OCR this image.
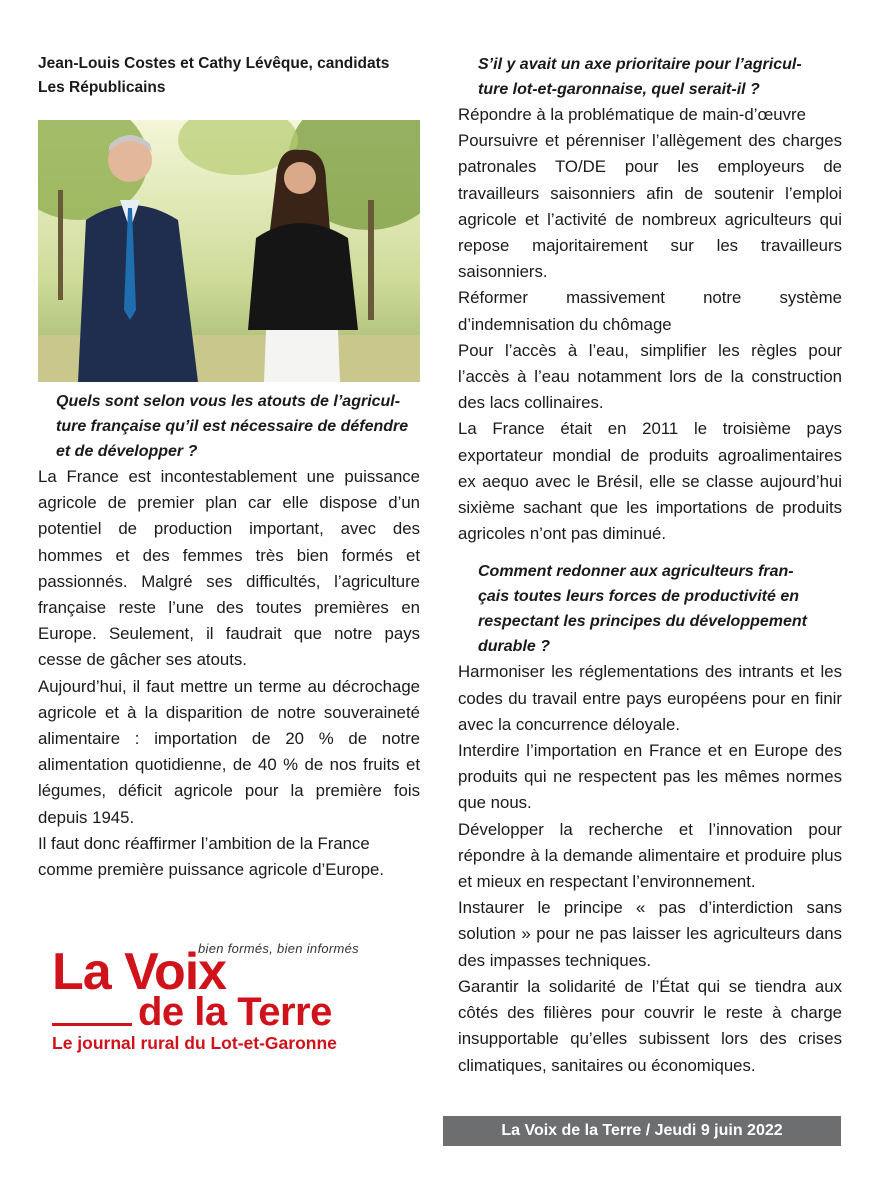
Jean-Louis Costes et Cathy Lévêque, candidats

Les Républicains

Quels sont selon vous les atouts de l’agricul-

ture française qu’il est nécessaire de défendre

et de développer ?

La France est incontestablement une puissance agricole de premier plan car elle dispose d’un potentiel de production important, avec des hommes et des femmes très bien formés et passionnés. Malgré ses difficultés, l’agriculture française reste l’une des toutes premières en Europe. Seulement, il faudrait que notre pays cesse de gâcher ses atouts.

Aujourd’hui, il faut mettre un terme au décrochage agricole et à la disparition de notre souveraineté alimentaire : importation de 20 % de notre alimentation quotidienne, de 40 % de nos fruits et légumes, déficit agricole pour la première fois depuis 1945.

Il faut donc réaffirmer l’ambition de la France comme première puissance agricole d’Europe.

bien formés, bien informés
La Voix
de la Terre
Le journal rural du Lot-et-Garonne

S’il y avait un axe prioritaire pour l’agricul-

ture lot-et-garonnaise, quel serait-il ?

Répondre à la problématique de main-d’œuvre

Poursuivre et pérenniser l’allègement des charges patronales TO/DE pour les employeurs de travailleurs saisonniers afin de soutenir l’emploi agricole et l’activité de nombreux agriculteurs qui repose majoritairement sur les travailleurs saisonniers.

Réformer massivement notre système d’indemnisation du chômage

Pour l’accès à l’eau, simplifier les règles pour l’accès à l’eau notamment lors de la construction des lacs collinaires.

La France était en 2011 le troisième pays exportateur mondial de produits agroalimentaires ex aequo avec le Brésil, elle se classe aujourd’hui sixième sachant que les importations de produits agricoles n’ont pas diminué.

Comment redonner aux agriculteurs fran-

çais toutes leurs forces de productivité en

respectant les principes du développement

durable ?

Harmoniser les réglementations des intrants et les codes du travail entre pays européens pour en finir avec la concurrence déloyale.

Interdire l’importation en France et en Europe des produits qui ne respectent pas les mêmes normes que nous.

Développer la recherche et l’innovation pour répondre à la demande alimentaire et produire plus et mieux en respectant l’environnement.

Instaurer le principe « pas d’interdiction sans solution » pour ne pas laisser les agriculteurs dans des impasses techniques.

Garantir la solidarité de l’État qui se tiendra aux côtés des filières pour couvrir le reste à charge insupportable qu’elles subissent lors des crises climatiques, sanitaires ou économiques.

La Voix de la Terre / Jeudi 9 juin 2022
